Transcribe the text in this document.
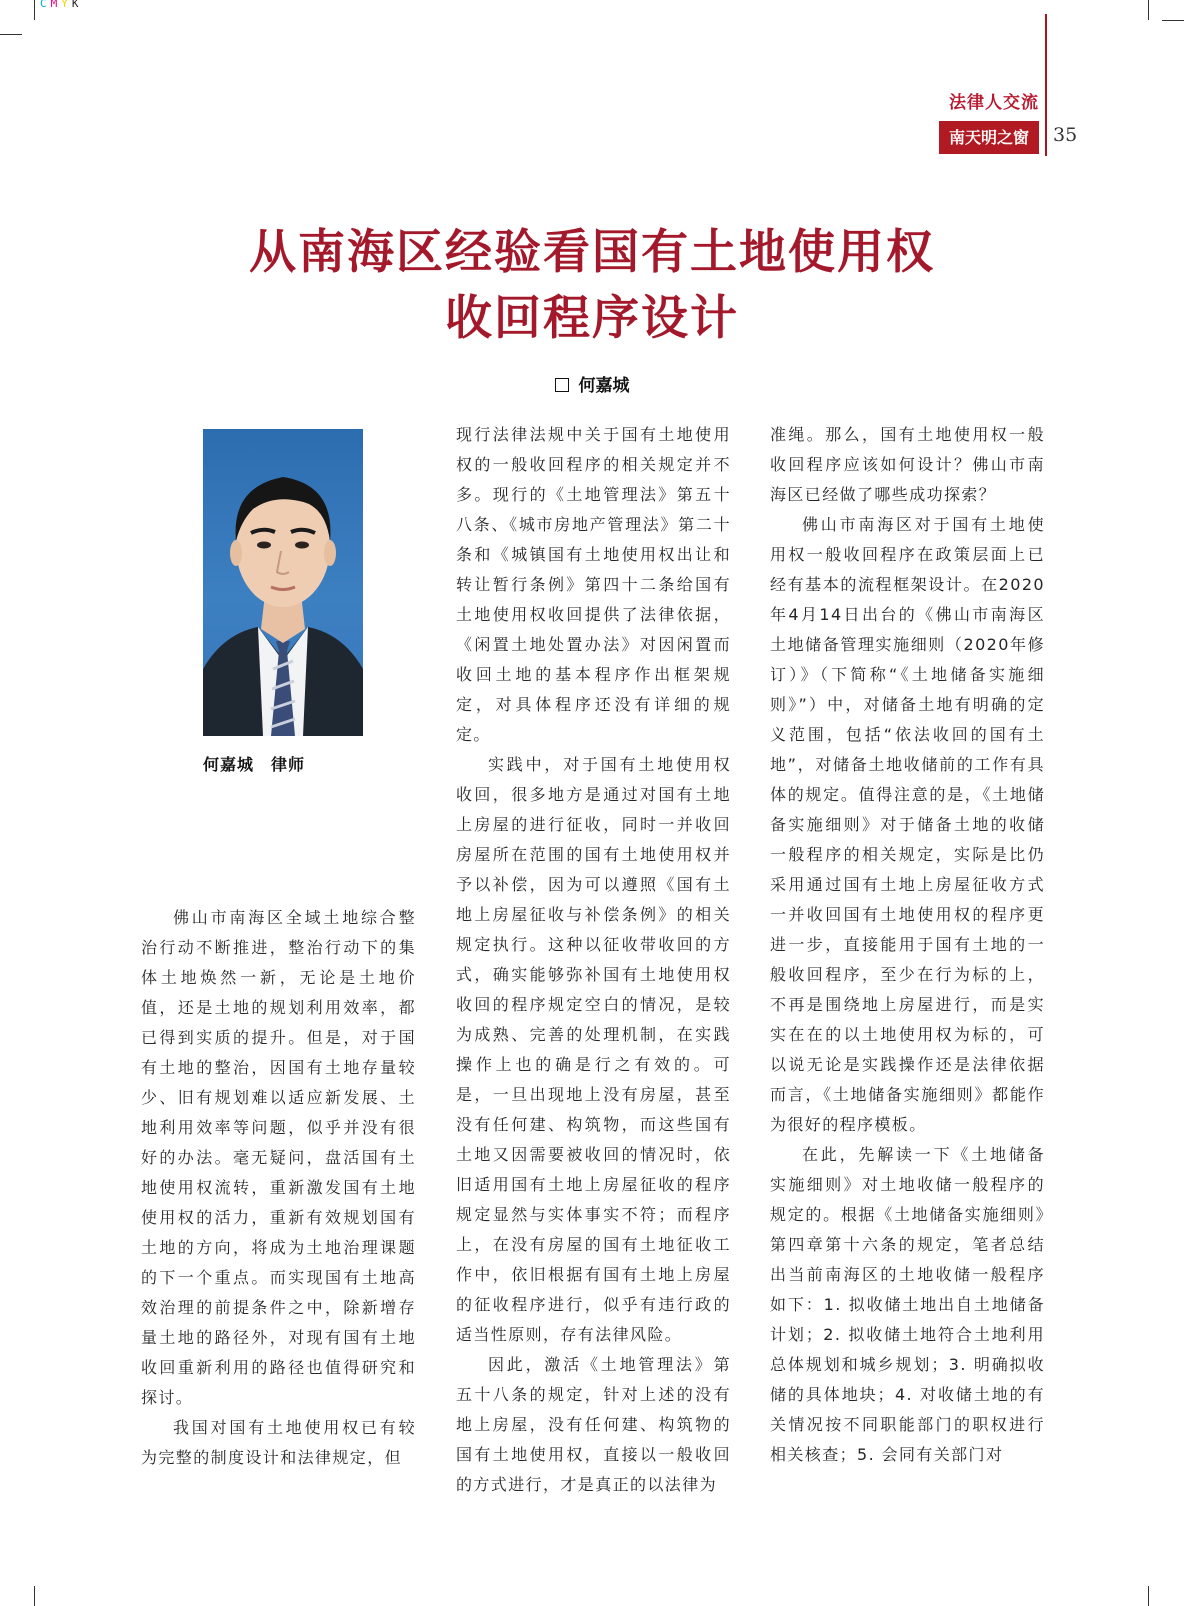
CMYK
法律人交流
南天明之窗	35
从南海区经验看国有土地使用权
收回程序设计
何嘉城
何嘉城　律师

佛山市南海区全域土地综合整治行动不断推进，整治行动下的集体土地焕然一新，无论是土地价值，还是土地的规划利用效率，都已得到实质的提升。但是，对于国有土地的整治，因国有土地存量较少、旧有规划难以适应新发展、土地利用效率等问题，似乎并没有很好的办法。毫无疑问，盘活国有土地使用权流转，重新激发国有土地使用权的活力，重新有效规划国有土地的方向，将成为土地治理课题的下一个重点。而实现国有土地高效治理的前提条件之中，除新增存量土地的路径外，对现有国有土地收回重新利用的路径也值得研究和探讨。

我国对国有土地使用权已有较为完整的制度设计和法律规定，但

现行法律法规中关于国有土地使用权的一般收回程序的相关规定并不多。现行的《土地管理法》第五十八条、《城市房地产管理法》第二十条和《城镇国有土地使用权出让和转让暂行条例》第四十二条给国有土地使用权收回提供了法律依据，《闲置土地处置办法》对因闲置而收回土地的基本程序作出框架规定，对具体程序还没有详细的规定。

实践中，对于国有土地使用权收回，很多地方是通过对国有土地上房屋的进行征收，同时一并收回房屋所在范围的国有土地使用权并予以补偿，因为可以遵照《国有土地上房屋征收与补偿条例》的相关规定执行。这种以征收带收回的方式，确实能够弥补国有土地使用权收回的程序规定空白的情况，是较为成熟、完善的处理机制，在实践操作上也的确是行之有效的。可是，一旦出现地上没有房屋，甚至没有任何建、构筑物，而这些国有土地又因需要被收回的情况时，依旧适用国有土地上房屋征收的程序规定显然与实体事实不符；而程序上，在没有房屋的国有土地征收工作中，依旧根据有国有土地上房屋的征收程序进行，似乎有违行政的适当性原则，存有法律风险。

因此，激活《土地管理法》第五十八条的规定，针对上述的没有地上房屋，没有任何建、构筑物的国有土地使用权，直接以一般收回的方式进行，才是真正的以法律为

准绳。那么，国有土地使用权一般收回程序应该如何设计？佛山市南海区已经做了哪些成功探索？

佛山市南海区对于国有土地使用权一般收回程序在政策层面上已经有基本的流程框架设计。在2020年4月14日出台的《佛山市南海区土地储备管理实施细则（2020年修订）》（下简称“《土地储备实施细则》”）中，对储备土地有明确的定义范围，包括“依法收回的国有土地”，对储备土地收储前的工作有具体的规定。值得注意的是，《土地储备实施细则》对于储备土地的收储一般程序的相关规定，实际是比仍采用通过国有土地上房屋征收方式一并收回国有土地使用权的程序更进一步，直接能用于国有土地的一般收回程序，至少在行为标的上，不再是围绕地上房屋进行，而是实实在在的以土地使用权为标的，可以说无论是实践操作还是法律依据而言，《土地储备实施细则》都能作为很好的程序模板。

在此，先解读一下《土地储备实施细则》对土地收储一般程序的规定的。根据《土地储备实施细则》第四章第十六条的规定，笔者总结出当前南海区的土地收储一般程序如下：1. 拟收储土地出自土地储备计划；2. 拟收储土地符合土地利用总体规划和城乡规划；3. 明确拟收储的具体地块；4. 对收储土地的有关情况按不同职能部门的职权进行相关核查；5. 会同有关部门对
